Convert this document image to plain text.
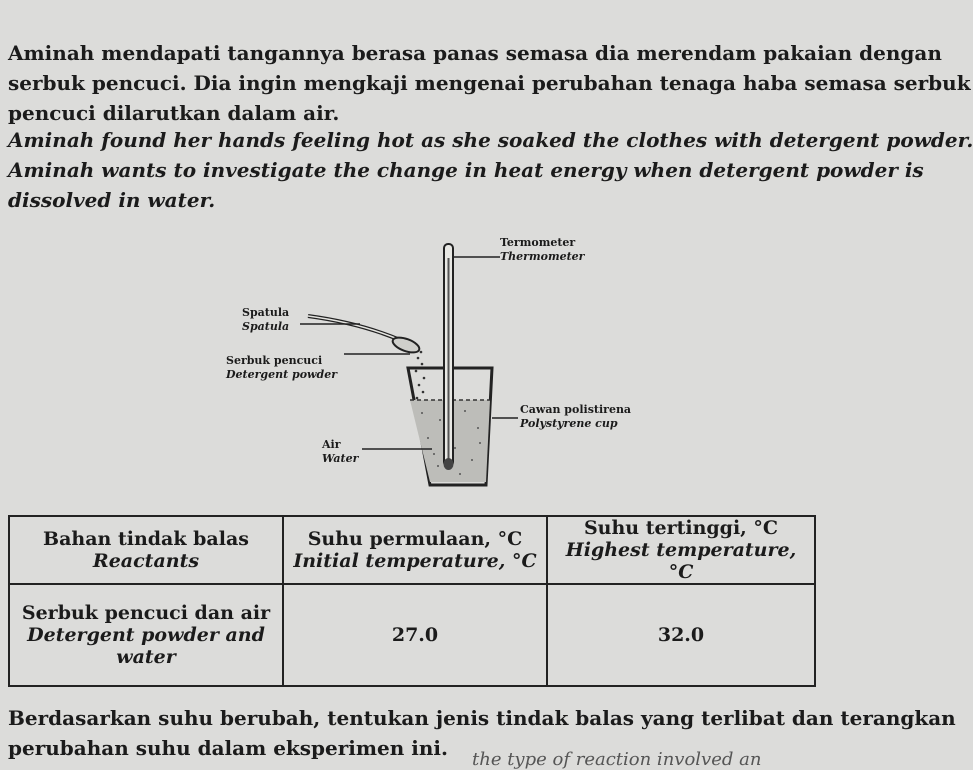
Aminah mendapati tangannya berasa panas semasa dia merendam pakaian dengan
serbuk pencuci. Dia ingin mengkaji mengenai perubahan tenaga haba semasa serbuk
pencuci dilarutkan dalam air.
Aminah found her hands feeling hot as she soaked the clothes with detergent powder.
Aminah wants to investigate the change in heat energy when detergent powder is
dissolved in water.
Termometer
Thermometer
Spatula
Spatula
Serbuk pencuci
Detergent powder
Cawan polistirena
Polystyrene cup
Air
Water
Bahan tindak balas
Reactants	Suhu permulaan, °C
Initial temperature, °C	Suhu tertinggi, °C
Highest temperature, °C

Serbuk pencuci dan air
Detergent powder and
water	27.0	32.0
Berdasarkan suhu berubah, tentukan jenis tindak balas yang terlibat dan terangkan
perubahan suhu dalam eksperimen ini.	the type of reaction involved an
